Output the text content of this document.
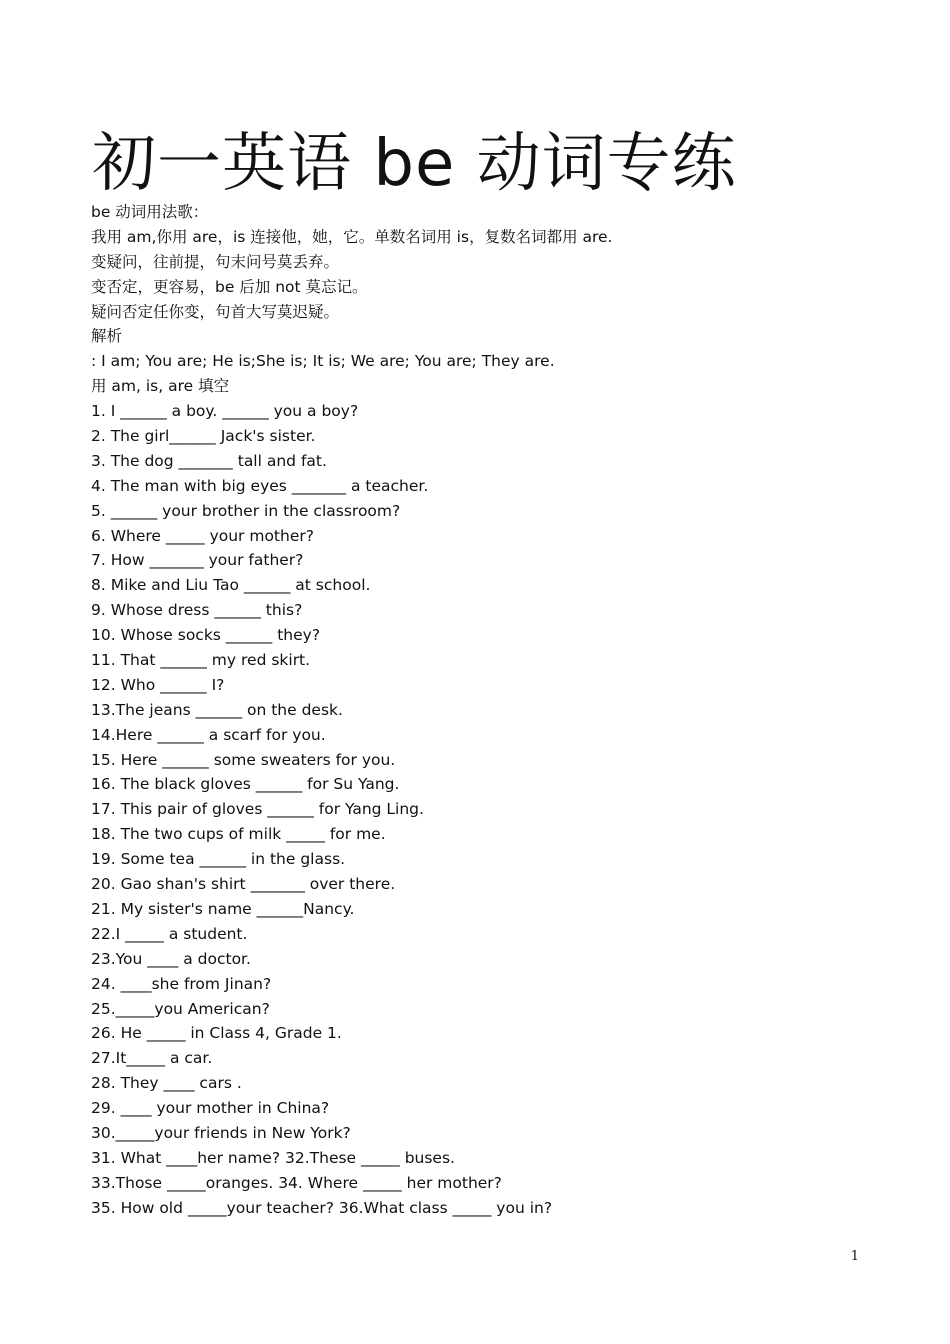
初一英语 be 动词专练
be 动词用法歌：
我用 am,你用 are，is 连接他，她，它。单数名词用 is，复数名词都用 are.
变疑问，往前提，句末问号莫丢弃。
变否定，更容易，be 后加 not 莫忘记。
疑问否定任你变，句首大写莫迟疑。
解析
: I am; You are; He is;She is; It is; We are; You are; They are.
用 am, is, are 填空
1. I ______ a boy. ______ you a boy?
2. The girl______ Jack's sister.
3. The dog _______ tall and fat.
4. The man with big eyes _______ a teacher.
5. ______ your brother in the classroom?
6. Where _____ your mother?
7. How _______ your father?
8. Mike and Liu Tao ______ at school.
9. Whose dress ______ this?
10. Whose socks ______ they?
11. That ______ my red skirt.
12. Who ______ I?
13.The jeans ______ on the desk.
14.Here ______ a scarf for you.
15. Here ______ some sweaters for you.
16. The black gloves ______ for Su Yang.
17. This pair of gloves ______ for Yang Ling.
18. The two cups of milk _____ for me.
19. Some tea ______ in the glass.
20. Gao shan's shirt _______ over there.
21. My sister's name ______Nancy.
22.I _____ a student.
23.You ____ a doctor.
24. ____she from Jinan?
25._____you American?
26. He _____ in Class 4, Grade 1.
27.It_____ a car.
28. They ____ cars .
29. ____ your mother in China?
30._____your friends in New York?
31. What ____her name? 32.These _____ buses.
33.Those _____oranges. 34. Where _____ her mother?
35. How old _____your teacher? 36.What class _____ you in?
1
